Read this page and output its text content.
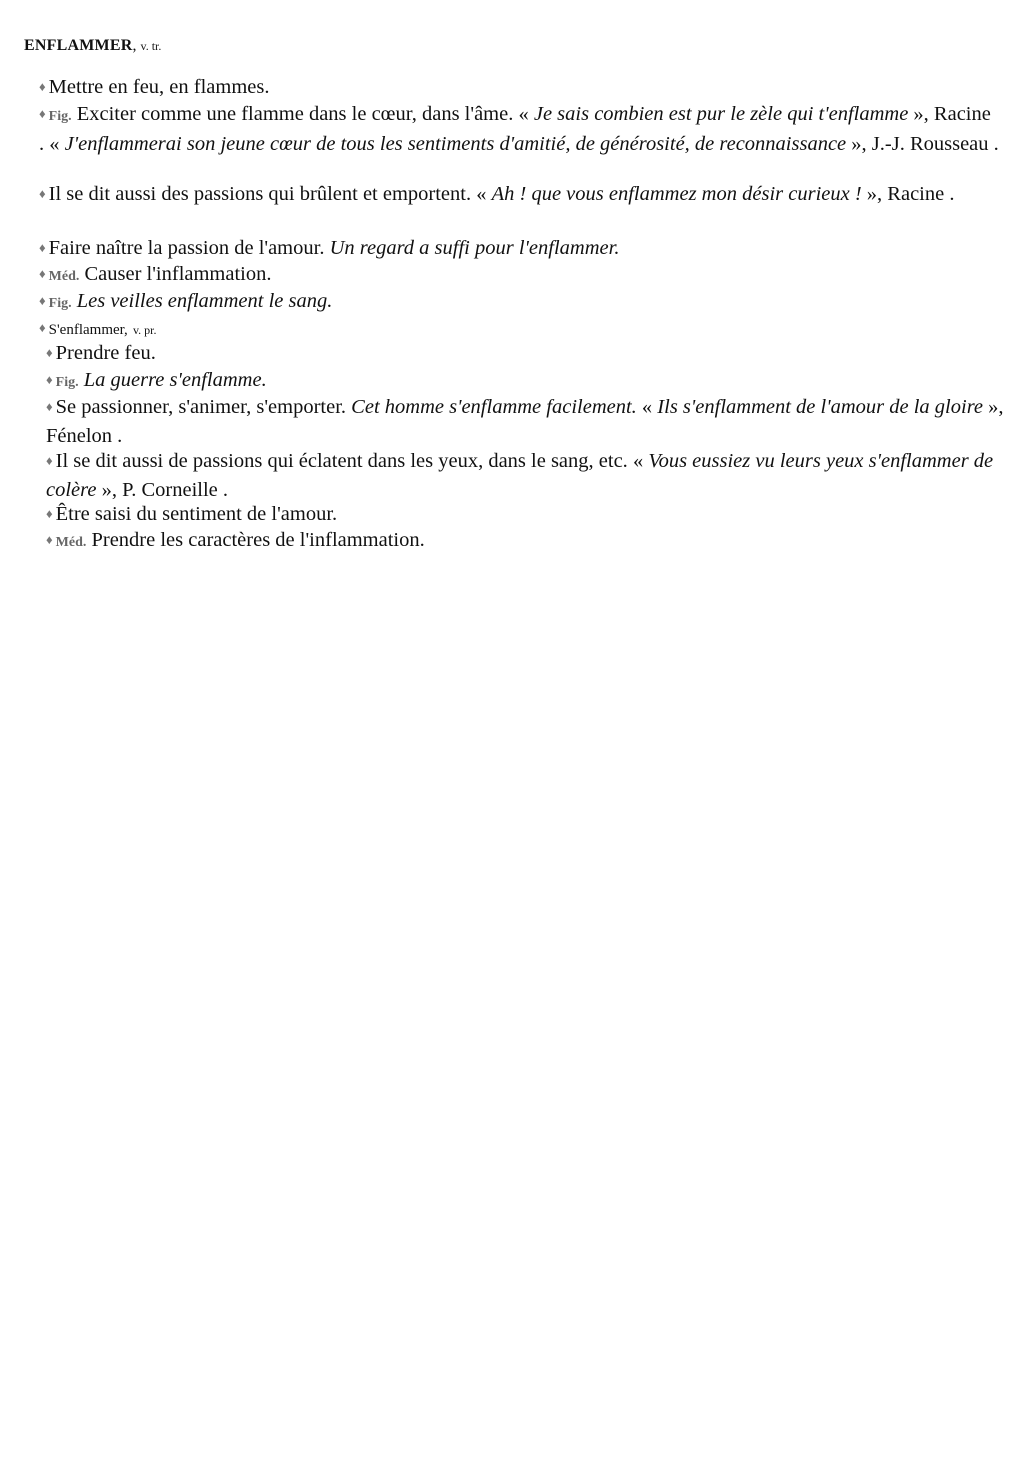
ENFLAMMER, v. tr.
♦ Mettre en feu, en flammes.
♦ Fig. Exciter comme une flamme dans le cœur, dans l'âme. « Je sais combien est pur le zèle qui t'enflamme », Racine . « J'enflammerai son jeune cœur de tous les sentiments d'amitié, de générosité, de reconnaissance », J.-J. Rousseau .
♦ Il se dit aussi des passions qui brûlent et emportent. « Ah ! que vous enflammez mon désir curieux ! », Racine .
♦ Faire naître la passion de l'amour. Un regard a suffi pour l'enflammer.
♦ Méd. Causer l'inflammation.
♦ Fig. Les veilles enflamment le sang.
♦ S'enflammer, v. pr.
♦ Prendre feu.
♦ Fig. La guerre s'enflamme.
♦ Se passionner, s'animer, s'emporter. Cet homme s'enflamme facilement. « Ils s'enflamment de l'amour de la gloire », Fénelon .
♦ Il se dit aussi de passions qui éclatent dans les yeux, dans le sang, etc. « Vous eussiez vu leurs yeux s'enflammer de colère », P. Corneille .
♦ Être saisi du sentiment de l'amour.
♦ Méd. Prendre les caractères de l'inflammation.
